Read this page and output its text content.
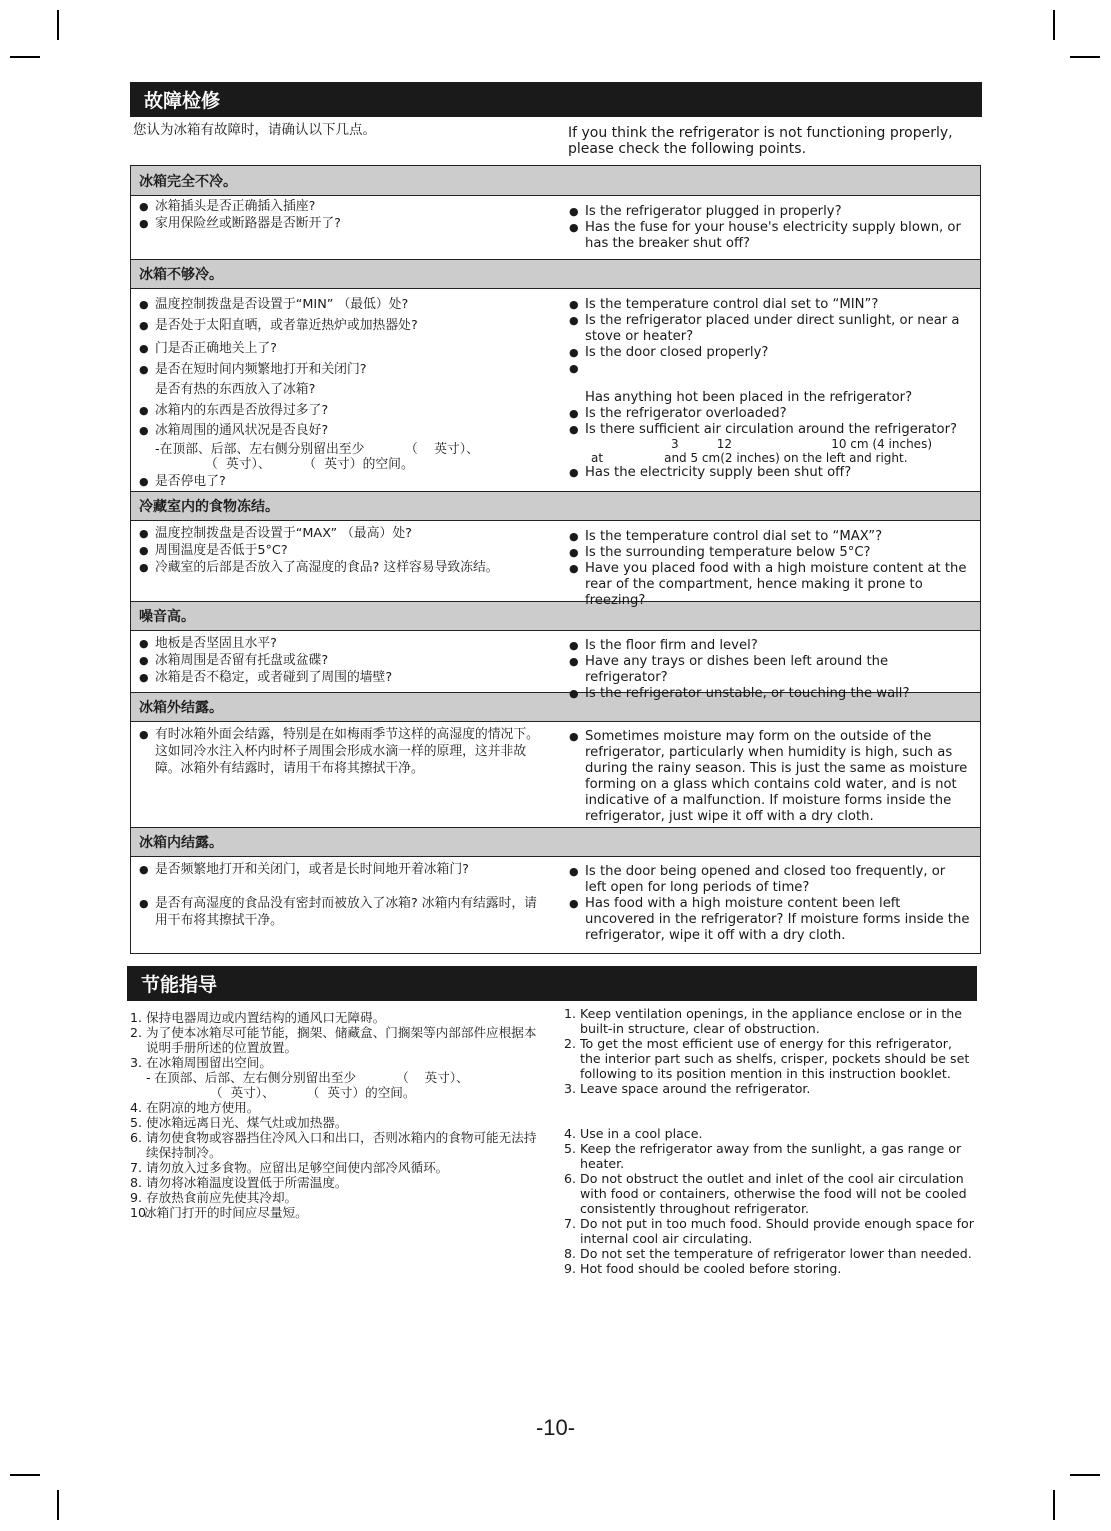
故障检修
您认为冰箱有故障时，请确认以下几点。	If you think the refrigerator is not functioning properly, please check the following points.
冰箱完全不冷。
● 冰箱插头是否正确插入插座?
● 家用保险丝或断路器是否断开了?
● Is the refrigerator plugged in properly?
● Has the fuse for your house's electricity supply blown, or has the breaker shut off?
冰箱不够冷。
● 温度控制拨盘是否设置于“MIN” （最低）处?
● 是否处于太阳直晒，或者靠近热炉或加热器处?
● 门是否正确地关上了?
● 是否在短时间内频繁地打开和关闭门?
是否有热的东西放入了冰箱?
● 冰箱内的东西是否放得过多了?
● 冰箱周围的通风状况是否良好?
-在顶部、后部、左右侧分别留出至少          （    英寸）、
（  英寸）、        （  英寸）的空间。
● 是否停电了?
● Is the temperature control dial set to “MIN”?
● Is the refrigerator placed under direct sunlight, or near a stove or heater?
● Is the door closed properly?
●
Has anything hot been placed in the refrigerator?
● Is the refrigerator overloaded?
● Is there sufficient air circulation around the refrigerator?
3          12                          10 cm (4 inches)
at                and 5 cm(2 inches) on the left and right.
● Has the electricity supply been shut off?
冷藏室内的食物冻结。
● 温度控制拨盘是否设置于“MAX” （最高）处?
● 周围温度是否低于5°C?
● 冷藏室的后部是否放入了高湿度的食品? 这样容易导致冻结。
● Is the temperature control dial set to “MAX”?
● Is the surrounding temperature below 5°C?
● Have you placed food with a high moisture content at the rear of the compartment, hence making it prone to freezing?
噪音高。
● 地板是否坚固且水平?
● 冰箱周围是否留有托盘或盆碟?
● 冰箱是否不稳定，或者碰到了周围的墙壁?
● Is the floor firm and level?
● Have any trays or dishes been left around the refrigerator?
● Is the refrigerator unstable, or touching the wall?
冰箱外结露。
● 有时冰箱外面会结露，特别是在如梅雨季节这样的高湿度的情况下。这如同冷水注入杯内时杯子周围会形成水滴一样的原理，这并非故障。冰箱外有结露时，请用干布将其擦拭干净。
● Sometimes moisture may form on the outside of the refrigerator, particularly when humidity is high, such as during the rainy season. This is just the same as moisture forming on a glass which contains cold water, and is not indicative of a malfunction. If moisture forms inside the refrigerator, just wipe it off with a dry cloth.
冰箱内结露。
● 是否频繁地打开和关闭门，或者是长时间地开着冰箱门?
● 是否有高湿度的食品没有密封而被放入了冰箱? 冰箱内有结露时，请用干布将其擦拭干净。
● Is the door being opened and closed too frequently, or left open for long periods of time?
● Has food with a high moisture content been left uncovered in the refrigerator? If moisture forms inside the refrigerator, wipe it off with a dry cloth.
节能指导
1. 保持电器周边或内置结构的通风口无障碍。
2. 为了使本冰箱尽可能节能，搁架、储藏盒、门搁架等内部部件应根据本说明手册所述的位置放置。
3. 在冰箱周围留出空间。
- 在顶部、后部、左右侧分别留出至少          （    英寸）、
（  英寸）、        （  英寸）的空间。
4. 在阴凉的地方使用。
5. 使冰箱远离日光、煤气灶或加热器。
6. 请勿使食物或容器挡住冷风入口和出口，否则冰箱内的食物可能无法持续保持制冷。
7. 请勿放入过多食物。应留出足够空间使内部冷风循环。
8. 请勿将冰箱温度设置低于所需温度。
9. 存放热食前应先使其冷却。
10.
冰箱门打开的时间应尽量短。
1. Keep ventilation openings, in the appliance enclose or in the built-in structure, clear of obstruction.
2. To get the most efficient use of energy for this refrigerator, the interior part such as shelfs, crisper, pockets should be set following to its position mention in this instruction booklet.
3. Leave space around the refrigerator.
4. Use in a cool place.
5. Keep the refrigerator away from the sunlight, a gas range or heater.
6. Do not obstruct the outlet and inlet of the cool air circulation with food or containers, otherwise the food will not be cooled consistently throughout refrigerator.
7. Do not put in too much food. Should provide enough space for internal cool air circulating.
8. Do not set the temperature of refrigerator lower than needed.
9. Hot food should be cooled before storing.
-10-
